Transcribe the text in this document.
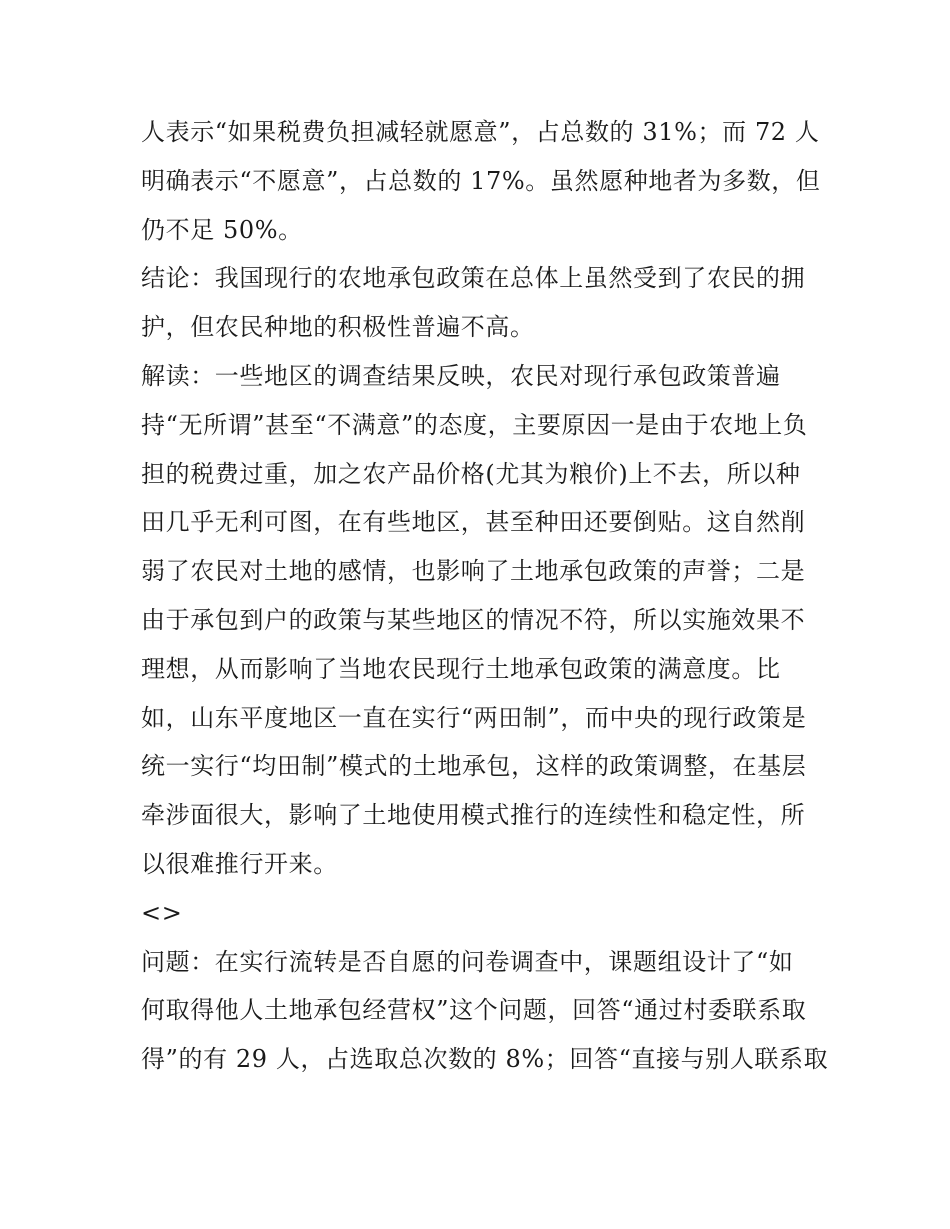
人表示“如果税费负担减轻就愿意”，占总数的 31%；而 72 人
明确表示“不愿意”，占总数的 17%。虽然愿种地者为多数，但
仍不足 50%。
结论：我国现行的农地承包政策在总体上虽然受到了农民的拥
护，但农民种地的积极性普遍不高。
解读：一些地区的调查结果反映，农民对现行承包政策普遍
持“无所谓”甚至“不满意”的态度，主要原因一是由于农地上负
担的税费过重，加之农产品价格(尤其为粮价)上不去，所以种
田几乎无利可图，在有些地区，甚至种田还要倒贴。这自然削
弱了农民对土地的感情，也影响了土地承包政策的声誉；二是
由于承包到户的政策与某些地区的情况不符，所以实施效果不
理想，从而影响了当地农民现行土地承包政策的满意度。比
如，山东平度地区一直在实行“两田制”，而中央的现行政策是
统一实行“均田制”模式的土地承包，这样的政策调整，在基层
牵涉面很大，影响了土地使用模式推行的连续性和稳定性，所
以很难推行开来。
<>
问题：在实行流转是否自愿的问卷调查中，课题组设计了“如
何取得他人土地承包经营权”这个问题，回答“通过村委联系取
得”的有 29 人，占选取总次数的 8%；回答“直接与别人联系取
